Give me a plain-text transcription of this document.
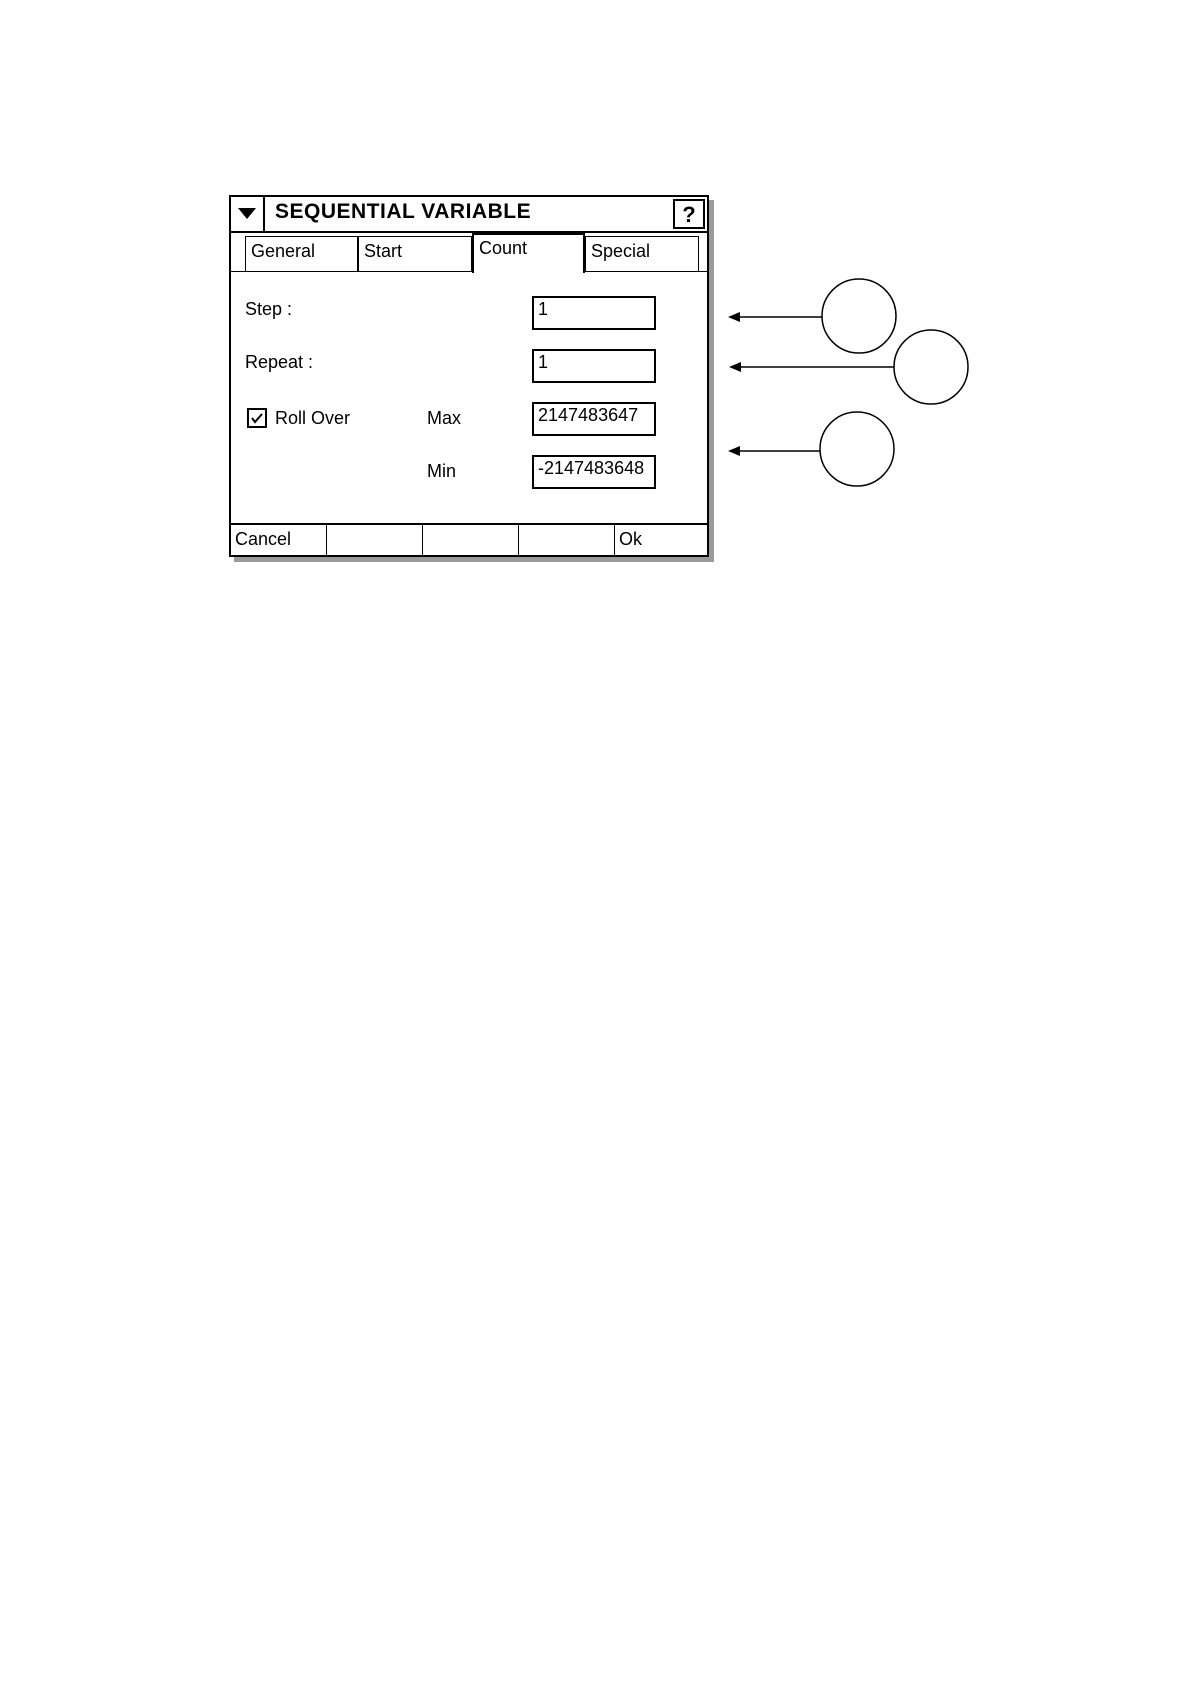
SEQUENTIAL VARIABLE	?
General	Start	Count	Special
Step :	1
Repeat :	1
Roll Over	Max	2147483647
Min	-2147483648
Cancel	Ok
